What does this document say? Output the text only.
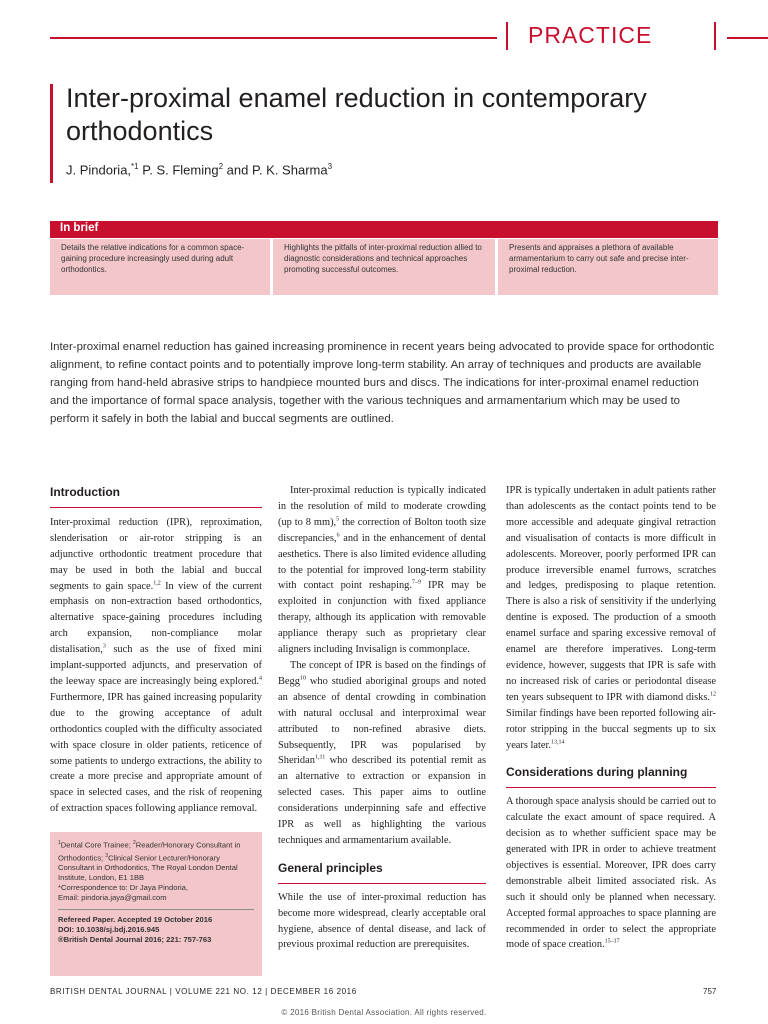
PRACTICE
Inter-proximal enamel reduction in contemporary orthodontics
J. Pindoria,$^{*1}$ P. S. Fleming$^2$ and P. K. Sharma$^3$
In brief
Details the relative indications for a common space-gaining procedure increasingly used during adult orthodontics.
Highlights the pitfalls of inter-proximal reduction allied to diagnostic considerations and technical approaches promoting successful outcomes.
Presents and appraises a plethora of available armamentarium to carry out safe and precise inter-proximal reduction.
Inter-proximal enamel reduction has gained increasing prominence in recent years being advocated to provide space for orthodontic alignment, to refine contact points and to potentially improve long-term stability. An array of techniques and products are available ranging from hand-held abrasive strips to handpiece mounted burs and discs. The indications for inter-proximal enamel reduction and the importance of formal space analysis, together with the various techniques and armamentarium which may be used to perform it safely in both the labial and buccal segments are outlined.

Introduction

Inter-proximal reduction (IPR), reproximation, slenderisation or air-rotor stripping is an adjunctive orthodontic treatment procedure that may be used in both the labial and buccal segments to gain space.$^{1,2}$ In view of the current emphasis on non-extraction based orthodontics, alternative space-gaining procedures including arch expansion, non-compliance molar distalisation,$^3$ such as the use of fixed mini implant-supported adjuncts, and preservation of the leeway space are increasingly being explored.$^4$ Furthermore, IPR has gained increasing popularity due to the growing acceptance of adult orthodontics coupled with the difficulty associated with space closure in older patients, reticence of some patients to undergo extractions, the ability to create a more precise and appropriate amount of space in selected cases, and the risk of reopening of extraction spaces following appliance removal.

$^1$Dental Core Trainee; $^2$Reader/Honorary Consultant in Orthodontics; $^3$Clinical Senior Lecturer/Honorary Consultant in Orthodontics, The Royal London Dental Institute, London, E1 1BB
*Correspondence to: Dr Jaya Pindoria,
Email: pindoria.jaya@gmail.com
Refereed Paper. Accepted 19 October 2016
DOI: 10.1038/sj.bdj.2016.945
®British Dental Journal 2016; 221: 757-763

Inter-proximal reduction is typically indicated in the resolution of mild to moderate crowding (up to 8 mm),$^5$ the correction of Bolton tooth size discrepancies,$^6$ and in the enhancement of dental aesthetics. There is also limited evidence alluding to the potential for improved long-term stability with contact point reshaping.$^{7-9}$ IPR may be exploited in conjunction with fixed appliance therapy, although its application with removable appliance therapy such as proprietary clear aligners including Invisalign is commonplace.

The concept of IPR is based on the findings of Begg$^{10}$ who studied aboriginal groups and noted an absence of dental crowding in combination with natural occlusal and interproximal wear attributed to non-refined abrasive diets. Subsequently, IPR was popularised by Sheridan$^{1,11}$ who described its potential remit as an alternative to extraction or expansion in selected cases. This paper aims to outline considerations underpinning safe and effective IPR as well as highlighting the various techniques and armamentarium available.

General principles

While the use of inter-proximal reduction has become more widespread, clearly acceptable oral hygiene, absence of dental disease, and lack of previous proximal reduction are prerequisites.

IPR is typically undertaken in adult patients rather than adolescents as the contact points tend to be more accessible and adequate gingival retraction and visualisation of contacts is more difficult in adolescents. Moreover, poorly performed IPR can produce irreversible enamel furrows, scratches and ledges, predisposing to plaque retention. There is also a risk of sensitivity if the underlying dentine is exposed. The production of a smooth enamel surface and sparing excessive removal of enamel are therefore imperatives. Long-term evidence, however, suggests that IPR is safe with no increased risk of caries or periodontal disease ten years subsequent to IPR with diamond disks.$^{12}$ Similar findings have been reported following air-rotor stripping in the buccal segments up to six years later.$^{13,14}$

Considerations during planning

A thorough space analysis should be carried out to calculate the exact amount of space required. A decision as to whether sufficient space may be generated with IPR in order to achieve treatment objectives is essential. Moreover, IPR does carry demonstrable albeit limited associated risk. As such it should only be planned when necessary. Accepted formal approaches to space planning are recommended in order to select the appropriate mode of space creation.$^{15-17}$

BRITISH DENTAL JOURNAL | VOLUME 221 NO. 12 | DECEMBER 16 2016	757
© 2016 British Dental Association. All rights reserved.
